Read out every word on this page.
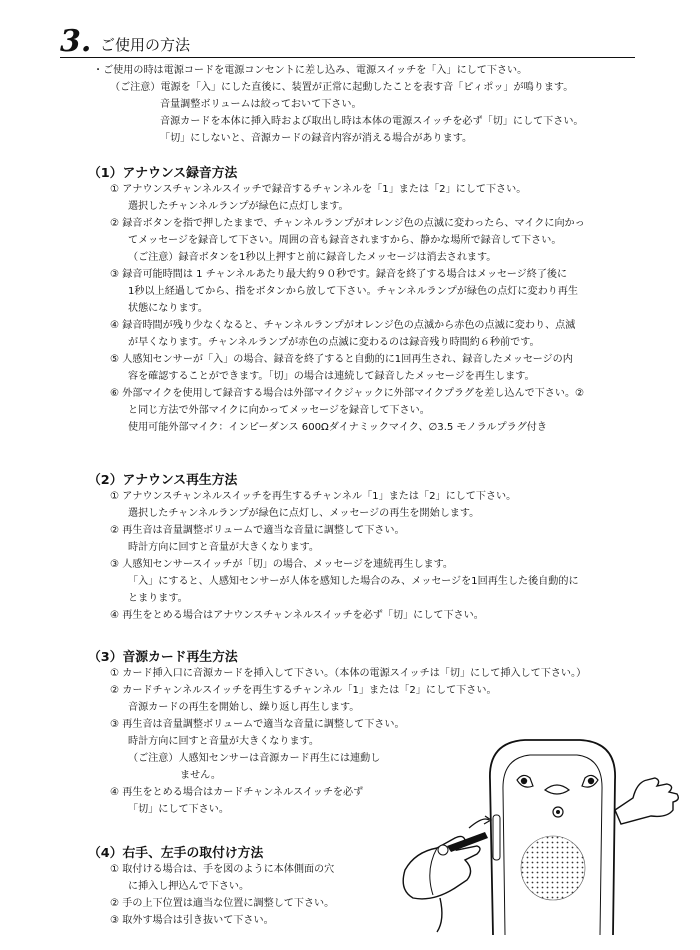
3. ご使用の方法
・ご使用の時は電源コードを電源コンセントに差し込み、電源スイッチを「入」にして下さい。
（ご注意）電源を「入」にした直後に、装置が正常に起動したことを表す音「ピィポッ」が鳴ります。
音量調整ボリュームは絞っておいて下さい。
音源カードを本体に挿入時および取出し時は本体の電源スイッチを必ず「切」にして下さい。
「切」にしないと、音源カードの録音内容が消える場合があります。
（1）アナウンス録音方法
① アナウンスチャンネルスイッチで録音するチャンネルを「1」または「2」にして下さい。
選択したチャンネルランプが緑色に点灯します。
② 録音ボタンを指で押したままで、チャンネルランプがオレンジ色の点滅に変わったら、マイクに向かっ
てメッセージを録音して下さい。周囲の音も録音されますから、静かな場所で録音して下さい。
（ご注意）録音ボタンを1秒以上押すと前に録音したメッセージは消去されます。
③ 録音可能時間は 1 チャンネルあたり最大約９０秒です。録音を終了する場合はメッセージ終了後に
1秒以上経過してから、指をボタンから放して下さい。チャンネルランプが緑色の点灯に変わり再生
状態になります。
④ 録音時間が残り少なくなると、チャンネルランプがオレンジ色の点滅から赤色の点滅に変わり、点滅
が早くなります。チャンネルランプが赤色の点滅に変わるのは録音残り時間約６秒前です。
⑤ 人感知センサーが「入」の場合、録音を終了すると自動的に1回再生され、録音したメッセージの内
容を確認することができます。「切」の場合は連続して録音したメッセージを再生します。
⑥ 外部マイクを使用して録音する場合は外部マイクジャックに外部マイクプラグを差し込んで下さい。②
と同じ方法で外部マイクに向かってメッセージを録音して下さい。
使用可能外部マイク：インピーダンス 600Ωダイナミックマイク、∅3.5 モノラルプラグ付き
（2）アナウンス再生方法
① アナウンスチャンネルスイッチを再生するチャンネル「1」または「2」にして下さい。
選択したチャンネルランプが緑色に点灯し、メッセージの再生を開始します。
② 再生音は音量調整ボリュームで適当な音量に調整して下さい。
時計方向に回すと音量が大きくなります。
③ 人感知センサースイッチが「切」の場合、メッセージを連続再生します。
「入」にすると、人感知センサーが人体を感知した場合のみ、メッセージを1回再生した後自動的に
とまります。
④ 再生をとめる場合はアナウンスチャンネルスイッチを必ず「切」にして下さい。
（3）音源カード再生方法
① カード挿入口に音源カードを挿入して下さい。（本体の電源スイッチは「切」にして挿入して下さい。）
② カードチャンネルスイッチを再生するチャンネル「1」または「2」にして下さい。
音源カードの再生を開始し、繰り返し再生します。
③ 再生音は音量調整ボリュームで適当な音量に調整して下さい。
時計方向に回すと音量が大きくなります。
（ご注意）人感知センサーは音源カード再生には連動し
ません。
④ 再生をとめる場合はカードチャンネルスイッチを必ず
「切」にして下さい。
（4）右手、左手の取付け方法
① 取付ける場合は、手を図のように本体側面の穴
に挿入し押込んで下さい。
② 手の上下位置は適当な位置に調整して下さい。
③ 取外す場合は引き抜いて下さい。
